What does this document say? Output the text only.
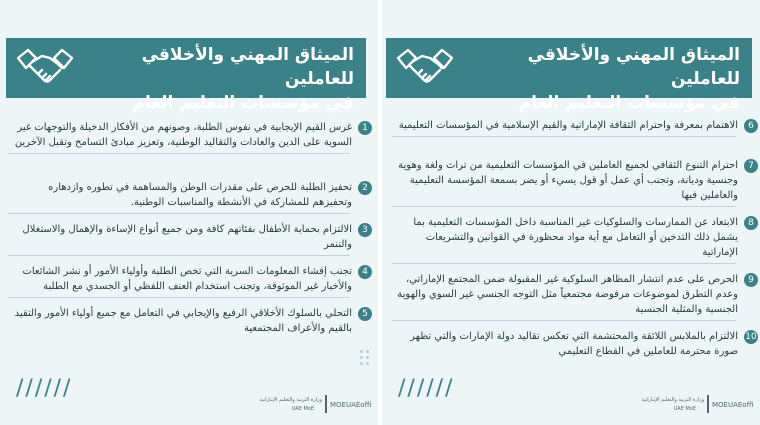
الميثاق المهني والأخلاقي للعاملين
في مؤسسات التعليم العام
1
غرس القيم الإيجابية في نفوس الطلبة، وصونهم من الأفكار الدخيلة والتوجهات غير السوية على الدين والعادات والتقاليد الوطنية، وتعزيز مبادئ التسامح وتقبل الآخرين
2
تحفيز الطلبة للحرص على مقدرات الوطن والمساهمة في تطوره وازدهاره وتحفيزهم للمشاركة في الأنشطة والمناسبات الوطنية.
3
الالتزام بحماية الأطفال بفئاتهم كافة ومن جميع أنواع الإساءة والإهمال والاستغلال والتنمر
4
تجنب إفشاء المعلومات السرية التي تخص الطلبة وأولياء الأمور أو نشر الشائعات والأخبار غير الموثوقة، وتجنب استخدام العنف اللفظي أو الجسدي مع الطلبة
5
التحلي بالسلوك الأخلاقي الرفيع والإيجابي في التعامل مع جميع أولياء الأمور والتقيد بالقيم والأعراف المجتمعية
//////	وزارة التربية والتعليم الإماراتية
UAE MoE MOEUAEoffi
الميثاق المهني والأخلاقي للعاملين
في مؤسسات التعليم العام
6
الاهتمام بمعرفة واحترام الثقافة الإماراتية والقيم الإسلامية في المؤسسات التعليمية
7
احترام التنوع الثقافي لجميع العاملين في المؤسسات التعليمية من تراث ولغة وهوية وجنسية وديانة، وتجنب أي عمل أو قول يسيء أو يضر بسمعة المؤسسة التعليمية والعاملين فيها
8
الابتعاد عن الممارسات والسلوكيات غير المناسبة داخل المؤسسات التعليمية بما يشمل ذلك التدخين أو التعامل مع أية مواد محظورة في القوانين والتشريعات الإماراتية
9
الحرص على عدم انتشار المظاهر السلوكية غير المقبولة ضمن المجتمع الإماراتي، وعدم التطرق لموضوعات مرفوضة مجتمعياً مثل التوجه الجنسي غير السوي والهوية الجنسية والمثلية الجنسية
10
الالتزام بالملابس اللائقة والمحتشمة التي تعكس تقاليد دولة الإمارات والتي تظهر صورة محترمة للعاملين في القطاع التعليمي
//////	وزارة التربية والتعليم الإماراتية
UAE MoE MOEUAEoffi
